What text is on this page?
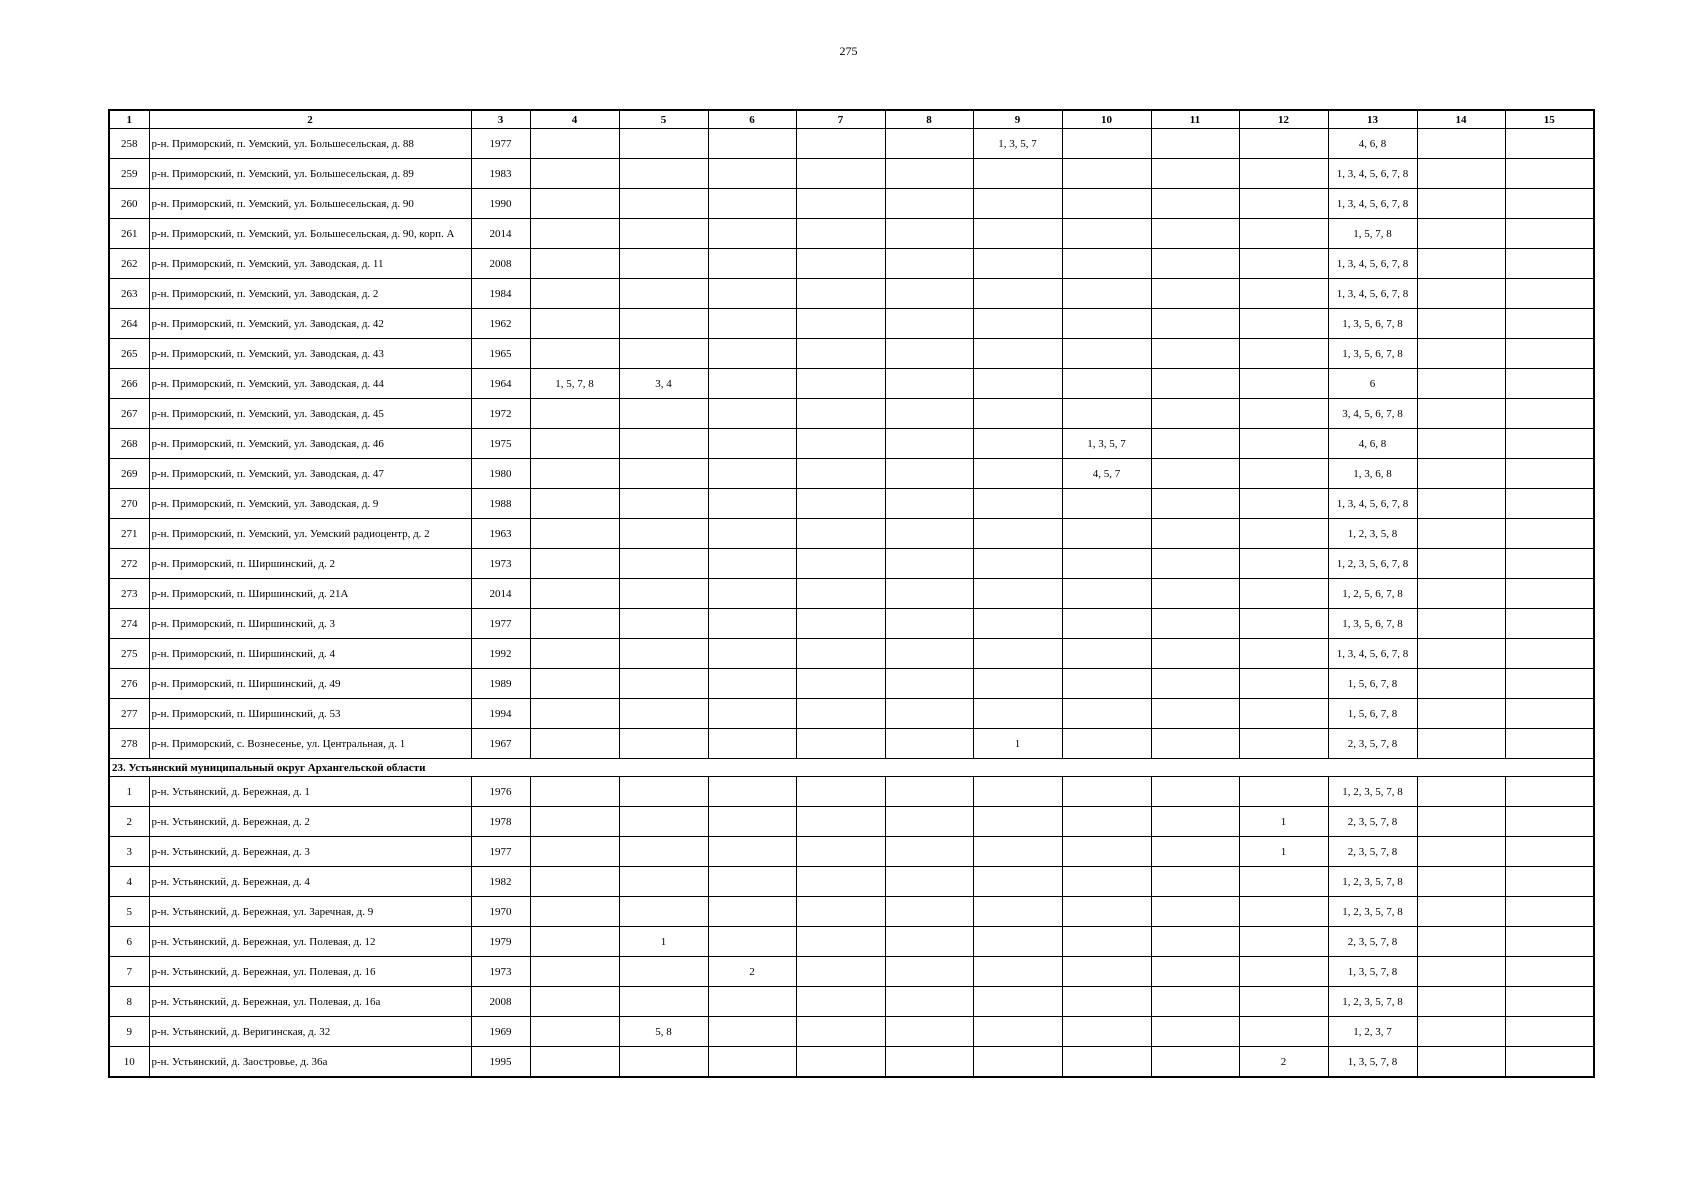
275
1	2	3	4	5	6	7	8	9	10	11	12	13	14	15
258	р-н. Приморский, п. Уемский, ул. Большесельская, д. 88	1977						1, 3, 5, 7				4, 6, 8		
259	р-н. Приморский, п. Уемский, ул. Большесельская, д. 89	1983										1, 3, 4, 5, 6, 7, 8		
260	р-н. Приморский, п. Уемский, ул. Большесельская, д. 90	1990										1, 3, 4, 5, 6, 7, 8		
261	р-н. Приморский, п. Уемский, ул. Большесельская, д. 90, корп. А	2014										1, 5, 7, 8		
262	р-н. Приморский, п. Уемский, ул. Заводская, д. 11	2008										1, 3, 4, 5, 6, 7, 8		
263	р-н. Приморский, п. Уемский, ул. Заводская, д. 2	1984										1, 3, 4, 5, 6, 7, 8		
264	р-н. Приморский, п. Уемский, ул. Заводская, д. 42	1962										1, 3, 5, 6, 7, 8		
265	р-н. Приморский, п. Уемский, ул. Заводская, д. 43	1965										1, 3, 5, 6, 7, 8		
266	р-н. Приморский, п. Уемский, ул. Заводская, д. 44	1964	1, 5, 7, 8	3, 4								6		
267	р-н. Приморский, п. Уемский, ул. Заводская, д. 45	1972										3, 4, 5, 6, 7, 8		
268	р-н. Приморский, п. Уемский, ул. Заводская, д. 46	1975							1, 3, 5, 7			4, 6, 8		
269	р-н. Приморский, п. Уемский, ул. Заводская, д. 47	1980							4, 5, 7			1, 3, 6, 8		
270	р-н. Приморский, п. Уемский, ул. Заводская, д. 9	1988										1, 3, 4, 5, 6, 7, 8		
271	р-н. Приморский, п. Уемский, ул. Уемский радиоцентр, д. 2	1963										1, 2, 3, 5, 8		
272	р-н. Приморский, п. Ширшинский, д. 2	1973										1, 2, 3, 5, 6, 7, 8		
273	р-н. Приморский, п. Ширшинский, д. 21А	2014										1, 2, 5, 6, 7, 8		
274	р-н. Приморский, п. Ширшинский, д. 3	1977										1, 3, 5, 6, 7, 8		
275	р-н. Приморский, п. Ширшинский, д. 4	1992										1, 3, 4, 5, 6, 7, 8		
276	р-н. Приморский, п. Ширшинский, д. 49	1989										1, 5, 6, 7, 8		
277	р-н. Приморский, п. Ширшинский, д. 53	1994										1, 5, 6, 7, 8		
278	р-н. Приморский, с. Вознесенье, ул. Центральная, д. 1	1967						1				2, 3, 5, 7, 8		
23. Устьянский муниципальный округ Архангельской области														
1	р-н. Устьянский, д. Бережная, д. 1	1976										1, 2, 3, 5, 7, 8		
2	р-н. Устьянский, д. Бережная, д. 2	1978									1	2, 3, 5, 7, 8		
3	р-н. Устьянский, д. Бережная, д. 3	1977									1	2, 3, 5, 7, 8		
4	р-н. Устьянский, д. Бережная, д. 4	1982										1, 2, 3, 5, 7, 8		
5	р-н. Устьянский, д. Бережная, ул. Заречная, д. 9	1970										1, 2, 3, 5, 7, 8		
6	р-н. Устьянский, д. Бережная, ул. Полевая, д. 12	1979		1								2, 3, 5, 7, 8		
7	р-н. Устьянский, д. Бережная, ул. Полевая, д. 16	1973			2							1, 3, 5, 7, 8		
8	р-н. Устьянский, д. Бережная, ул. Полевая, д. 16а	2008										1, 2, 3, 5, 7, 8		
9	р-н. Устьянский, д. Веригинская, д. 32	1969		5, 8								1, 2, 3, 7		
10	р-н. Устьянский, д. Заостровье, д. 36а	1995									2	1, 3, 5, 7, 8		
